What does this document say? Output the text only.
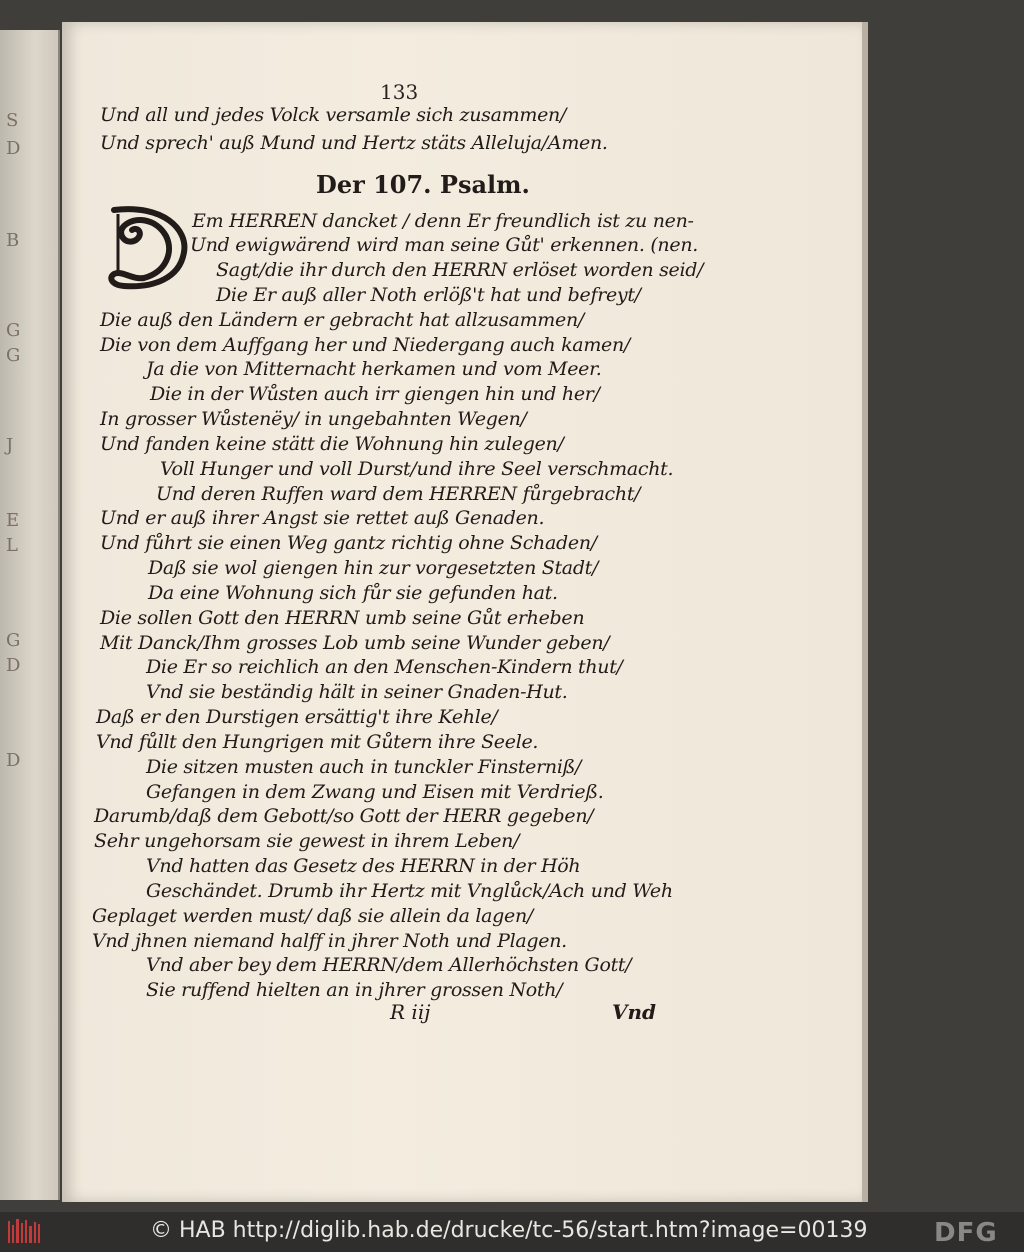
S
D
B
G
G
J
E
L
G
D
D
133
Und all und jedes Volck versamle sich zusammen/
Und sprech' auß Mund und Hertz stäts Alleluja/Amen.
Der 107. Psalm.
Em HERREN dancket / denn Er freundlich ist zu nen-
Und ewigwärend wird man seine Gůt' erkennen. (nen.
Sagt/die ihr durch den HERRN erlöset worden seid/
Die Er auß aller Noth erlöß't hat und befreyt/
Die auß den Ländern er gebracht hat allzusammen/
Die von dem Auffgang her und Niedergang auch kamen/
Ja die von Mitternacht herkamen und vom Meer.
Die in der Wůsten auch irr giengen hin und her/
In grosser Wůstenëy/ in ungebahnten Wegen/
Und fanden keine stätt die Wohnung hin zulegen/
Voll Hunger und voll Durst/und ihre Seel verschmacht.
Und deren Ruffen ward dem HERREN fůrgebracht/
Und er auß ihrer Angst sie rettet auß Genaden.
Und fůhrt sie einen Weg gantz richtig ohne Schaden/
Daß sie wol giengen hin zur vorgesetzten Stadt/
Da eine Wohnung sich fůr sie gefunden hat.
Die sollen Gott den HERRN umb seine Gůt erheben
Mit Danck/Ihm grosses Lob umb seine Wunder geben/
Die Er so reichlich an den Menschen-Kindern thut/
Vnd sie beständig hält in seiner Gnaden-Hut.
Daß er den Durstigen ersättig't ihre Kehle/
Vnd fůllt den Hungrigen mit Gůtern ihre Seele.
Die sitzen musten auch in tunckler Finsterniß/
Gefangen in dem Zwang und Eisen mit Verdrieß.
Darumb/daß dem Gebott/so Gott der HERR gegeben/
Sehr ungehorsam sie gewest in ihrem Leben/
Vnd hatten das Gesetz des HERRN in der Höh
Geschändet. Drumb ihr Hertz mit Vnglůck/Ach und Weh
Geplaget werden must/ daß sie allein da lagen/
Vnd jhnen niemand halff in jhrer Noth und Plagen.
Vnd aber bey dem HERRN/dem Allerhöchsten Gott/
Sie ruffend hielten an in jhrer grossen Noth/
R iij	Vnd
© HAB http://diglib.hab.de/drucke/tc-56/start.htm?image=00139	DFG
